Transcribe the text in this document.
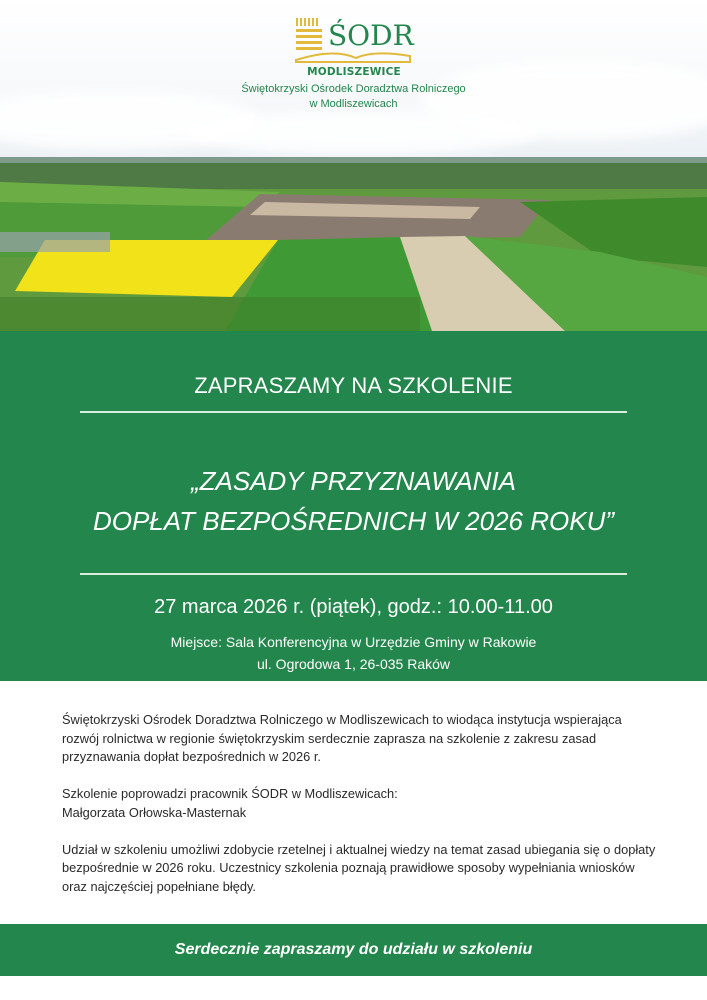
ŚODR
MODLISZEWICE
Świętokrzyski Ośrodek Doradztwa Rolniczego
w Modliszewicach
ZAPRASZAMY NA SZKOLENIE
„ZASADY PRZYZNAWANIA
DOPŁAT BEZPOŚREDNICH W 2026 ROKU”
27 marca 2026 r. (piątek), godz.: 10.00-11.00
Miejsce: Sala Konferencyjna w Urzędzie Gminy w Rakowie
ul. Ogrodowa 1, 26-035 Raków

Świętokrzyski Ośrodek Doradztwa Rolniczego w Modliszewicach to wiodąca instytucja wspierająca rozwój rolnictwa w regionie świętokrzyskim serdecznie zaprasza na szkolenie z zakresu zasad przyznawania dopłat bezpośrednich w 2026 r.

Szkolenie poprowadzi pracownik ŚODR w Modliszewicach:
Małgorzata Orłowska-Masternak

Udział w szkoleniu umożliwi zdobycie rzetelnej i aktualnej wiedzy na temat zasad ubiegania się o dopłaty bezpośrednie w 2026 roku. Uczestnicy szkolenia poznają prawidłowe sposoby wypełniania wniosków oraz najczęściej popełniane błędy.

Serdecznie zapraszamy do udziału w szkoleniu
